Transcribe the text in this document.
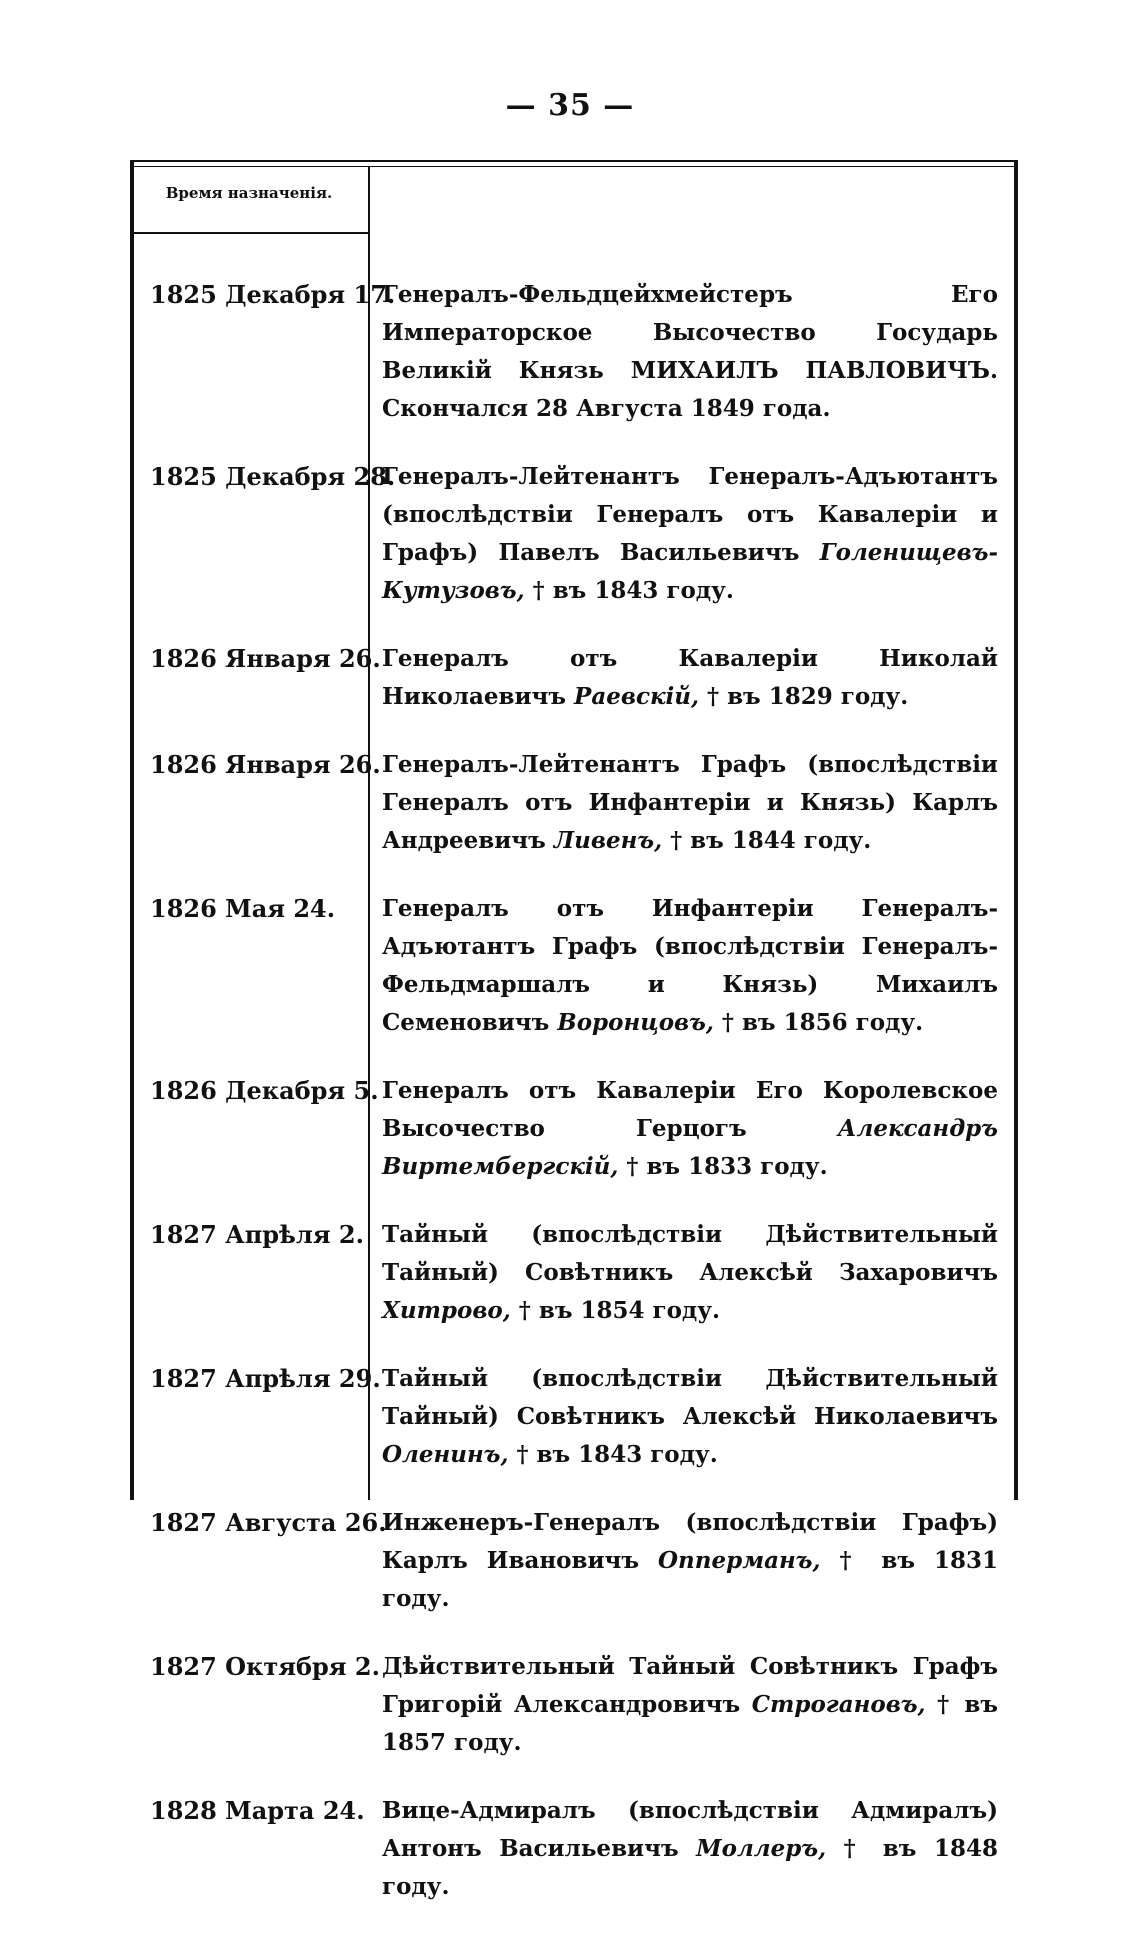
— 35 —
Время назначенія.
1825 Декабря 17.
Генералъ-Фельдцейхмейстеръ Его Императорское Высочество Государь Великій Князь МИХАИЛЪ ПАВЛОВИЧЪ. Скончался 28 Августа 1849 года.
1825 Декабря 28.
Генералъ-Лейтенантъ Генералъ-Адъютантъ (впослѣдствіи Генералъ отъ Кавалеріи и Графъ) Павелъ Васильевичъ Голенищевъ-Кутузовъ, † въ 1843 году.
1826 Января 26. Генералъ отъ Кавалеріи Николай Николаевичъ Раевскій, † въ 1829 году.
1826 Января 26. Генералъ-Лейтенантъ Графъ (впослѣдствіи Генералъ отъ Инфантеріи и Князь) Карлъ Андреевичъ Ливенъ, † въ 1844 году.
1826 Мая 24.	Генералъ отъ Инфантеріи Генералъ-Адъютантъ Графъ (впослѣдствіи Генералъ-Фельдмаршалъ и Князь) Михаилъ Семеновичъ Воронцовъ, † въ 1856 году.
1826 Декабря 5. Генералъ отъ Кавалеріи Его Королевское Высочество Герцогъ	Александръ Виртембергскій, † въ 1833 году.
1827 Апрѣля 2. Тайный (впослѣдствіи Дѣйствительный Тайный) Совѣтникъ Алексѣй Захаровичъ Хитрово, † въ 1854 году.
1827 Апрѣля 29. Тайный (впослѣдствіи Дѣйствительный Тайный) Совѣтникъ Алексѣй Николаевичъ Оленинъ, † въ 1843 году.
1827 Августа 26.
Инженеръ-Генералъ (впослѣдствіи Графъ) Карлъ Ивановичъ Опперманъ, † въ 1831 году.
1827 Октября 2. Дѣйствительный Тайный Совѣтникъ Графъ Григорій Александровичъ Строгановъ, † въ 1857 году.
1828 Марта 24. Вице-Адмиралъ (впослѣдствіи Адмиралъ) Антонъ Васильевичъ Моллеръ, † въ 1848 году.
